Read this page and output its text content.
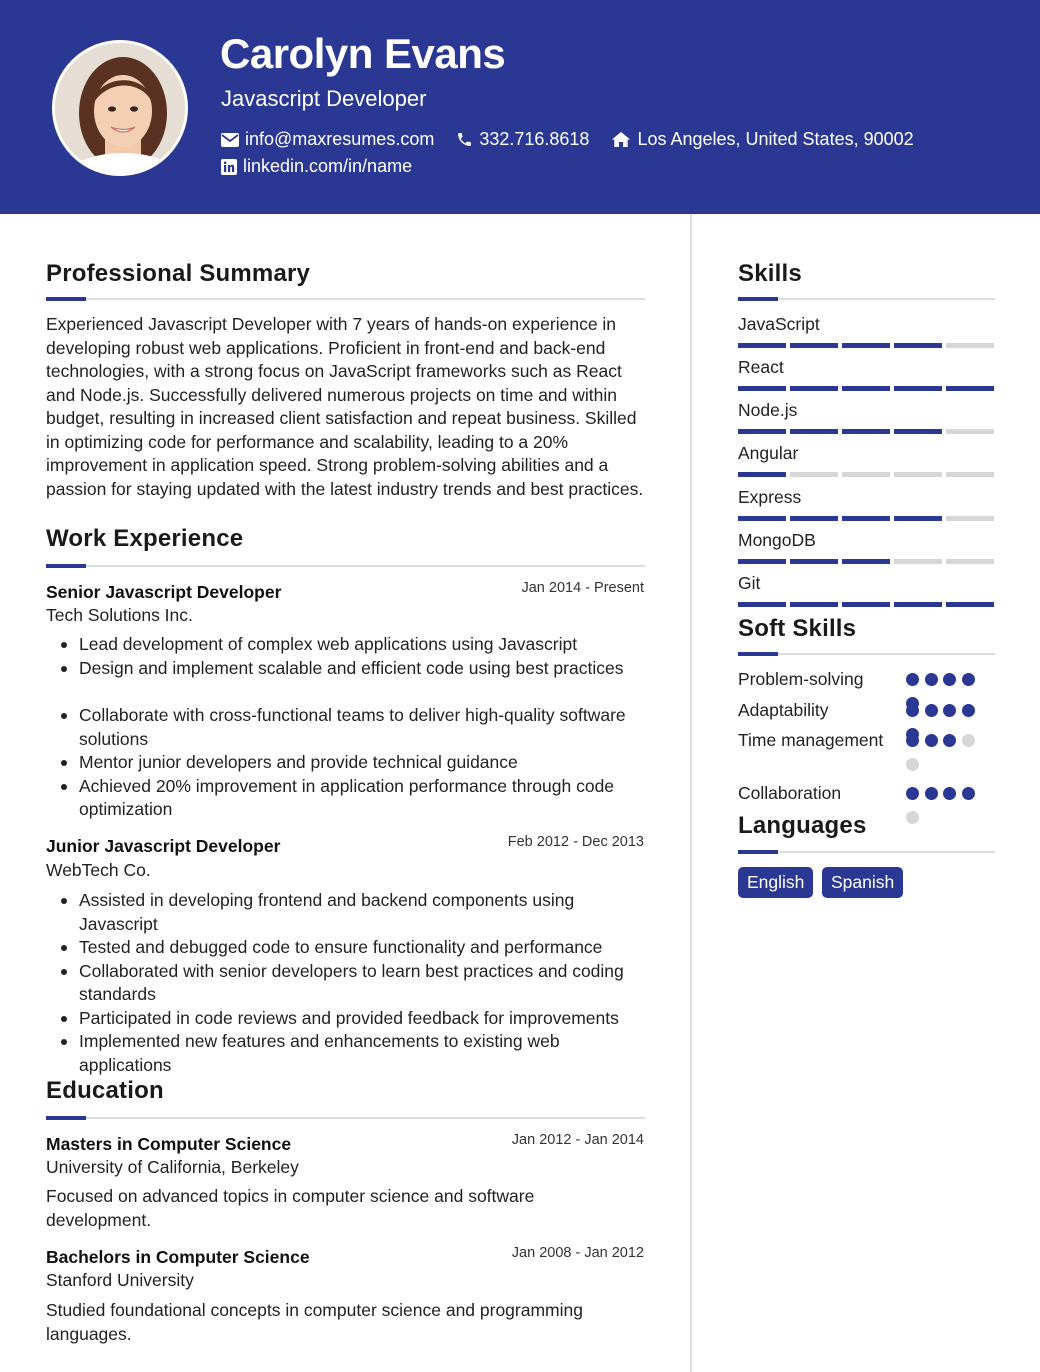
Carolyn Evans
Javascript Developer
info@maxresumes.com	332.716.8618	Los Angeles, United States, 90002
linkedin.com/in/name
Professional Summary
Experienced Javascript Developer with 7 years of hands-on experience in developing robust web applications. Proficient in front-end and back-end technologies, with a strong focus on JavaScript frameworks such as React and Node.js. Successfully delivered numerous projects on time and within budget, resulting in increased client satisfaction and repeat business. Skilled in optimizing code for performance and scalability, leading to a 20% improvement in application speed. Strong problem-solving abilities and a passion for staying updated with the latest industry trends and best practices.
Work Experience
Senior Javascript Developer	Jan 2014 - Present
Tech Solutions Inc.
Lead development of complex web applications using Javascript
Design and implement scalable and efficient code using best practices
Collaborate with cross-functional teams to deliver high-quality software solutions
Mentor junior developers and provide technical guidance
Achieved 20% improvement in application performance through code optimization
Junior Javascript Developer	Feb 2012 - Dec 2013
WebTech Co.
Assisted in developing frontend and backend components using Javascript
Tested and debugged code to ensure functionality and performance
Collaborated with senior developers to learn best practices and coding standards
Participated in code reviews and provided feedback for improvements
Implemented new features and enhancements to existing web applications
Education
Masters in Computer Science	Jan 2012 - Jan 2014
University of California, Berkeley
Focused on advanced topics in computer science and software development.
Bachelors in Computer Science	Jan 2008 - Jan 2012
Stanford University
Studied foundational concepts in computer science and programming languages.
Skills
JavaScript
React
Node.js
Angular
Express
MongoDB
Git
Soft Skills
Problem-solving
Adaptability
Time management
Collaboration
Languages
English	Spanish
